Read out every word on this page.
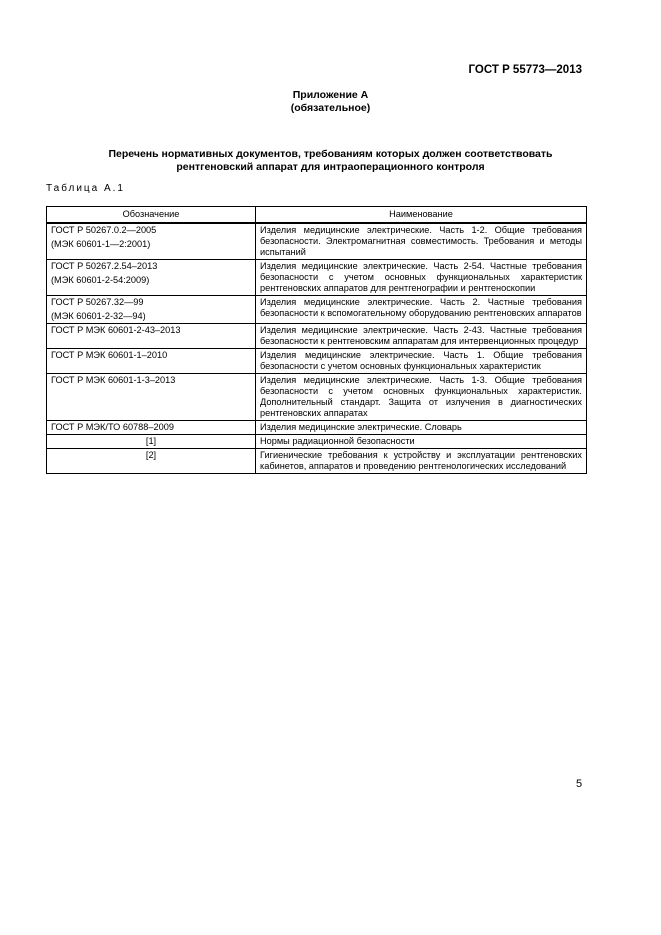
ГОСТ Р 55773—2013
Приложение А
(обязательное)
Перечень нормативных документов, требованиям которых должен соответствовать
рентгеновский аппарат для интраоперационного контроля
Таблица А.1
Обозначение	Наименование

ГОСТ Р 50267.0.2—2005
(МЭК 60601-1—2:2001)	Изделия медицинские электрические. Часть 1-2. Общие требования безопасности. Электромагнитная совместимость. Требования и методы испытаний

ГОСТ Р 50267.2.54–2013
(МЭК 60601-2-54:2009)	Изделия медицинские электрические. Часть 2-54. Частные требования безопасности с учетом основных функциональных характеристик рентгеновских аппаратов для рентгенографии и рентгеноскопии

ГОСТ Р 50267.32—99
(МЭК 60601-2-32—94)	Изделия медицинские электрические. Часть 2. Частные требования безопасности к вспомогательному оборудованию рентгеновских аппаратов
ГОСТ Р МЭК 60601-2-43–2013	Изделия медицинские электрические. Часть 2-43. Частные требования безопасности к рентгеновским аппаратам для интервенционных процедур
ГОСТ Р МЭК 60601-1–2010	Изделия медицинские электрические. Часть 1. Общие требования безопасности с учетом основных функциональных характеристик
ГОСТ Р МЭК 60601-1-3–2013	Изделия медицинские электрические. Часть 1-3. Общие требования безопасности с учетом основных функциональных характеристик. Дополнительный стандарт. Защита от излучения в диагностических рентгеновских аппаратах
ГОСТ Р МЭК/ТО 60788–2009	Изделия медицинские электрические. Словарь
[1]	Нормы радиационной безопасности
[2]	Гигиенические требования к устройству и эксплуатации рентгеновских кабинетов, аппаратов и проведению рентгенологических исследований
5
